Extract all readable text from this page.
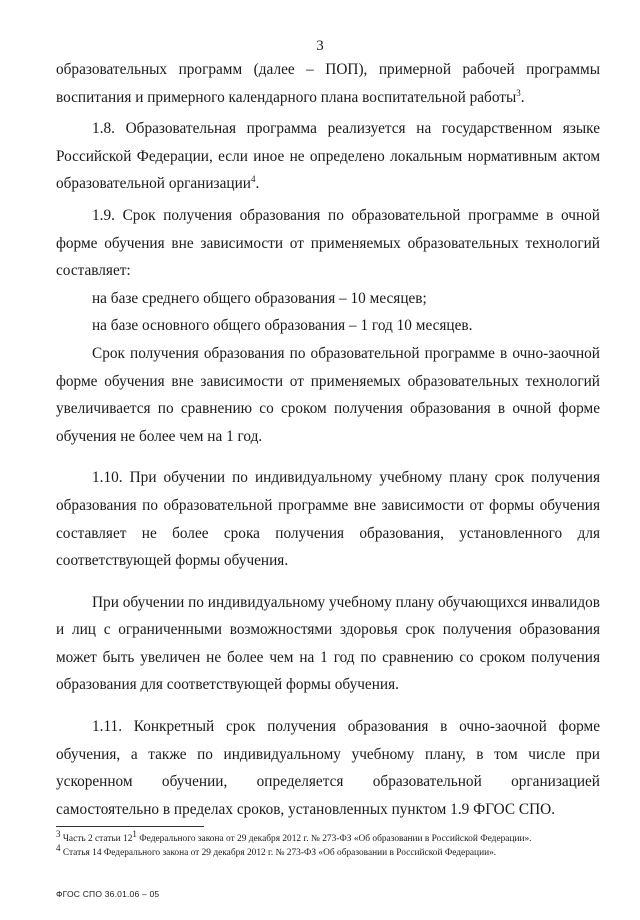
3

образовательных программ (далее – ПОП), примерной рабочей программы воспитания и примерного календарного плана воспитательной работы$^3$.

1.8. Образовательная программа реализуется на государственном языке Российской Федерации, если иное не определено локальным нормативным актом образовательной организации$^4$.

1.9. Срок получения образования по образовательной программе в очной форме обучения вне зависимости от применяемых образовательных технологий составляет:

на базе среднего общего образования – 10 месяцев;

на базе основного общего образования – 1 год 10 месяцев.

Срок получения образования по образовательной программе в очно-заочной форме обучения вне зависимости от применяемых образовательных технологий увеличивается по сравнению со сроком получения образования в очной форме обучения не более чем на 1 год.

1.10. При обучении по индивидуальному учебному плану срок получения образования по образовательной программе вне зависимости от формы обучения составляет не более срока получения образования, установленного для соответствующей формы обучения.

При обучении по индивидуальному учебному плану обучающихся инвалидов и лиц с ограниченными возможностями здоровья срок получения образования может быть увеличен не более чем на 1 год по сравнению со сроком получения образования для соответствующей формы обучения.

1.11. Конкретный срок получения образования в очно-заочной форме обучения, а также по индивидуальному учебному плану, в том числе при ускоренном обучении, определяется образовательной организацией самостоятельно в пределах сроков, установленных пунктом 1.9 ФГОС СПО.

$^3$ Часть 2 статьи $12^1$ Федерального закона от 29 декабря 2012 г. № 273-ФЗ «Об образовании в Российской Федерации».

$^4$ Статья 14 Федерального закона от 29 декабря 2012 г. № 273-ФЗ «Об образовании в Российской Федерации».

ФГОС СПО 36.01.06 – 05
